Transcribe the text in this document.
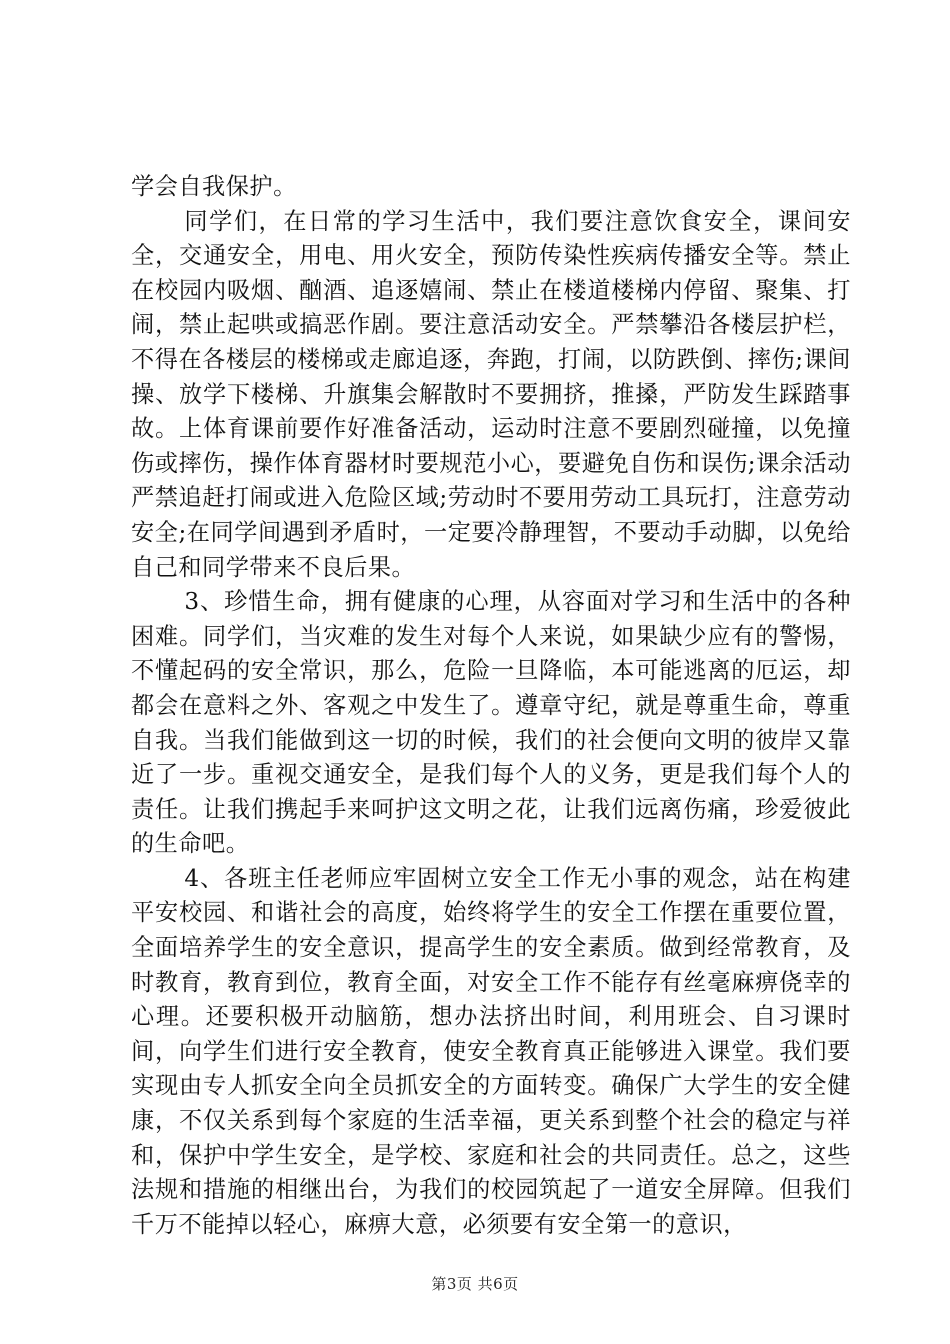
学会自我保护。

同学们，在日常的学习生活中，我们要注意饮食安全，课间安全，交通安全，用电、用火安全，预防传染性疾病传播安全等。禁止在校园内吸烟、酗酒、追逐嬉闹、禁止在楼道楼梯内停留、聚集、打闹，禁止起哄或搞恶作剧。要注意活动安全。严禁攀沿各楼层护栏，不得在各楼层的楼梯或走廊追逐，奔跑，打闹，以防跌倒、摔伤;课间操、放学下楼梯、升旗集会解散时不要拥挤，推搡，严防发生踩踏事故。上体育课前要作好准备活动，运动时注意不要剧烈碰撞，以免撞伤或摔伤，操作体育器材时要规范小心，要避免自伤和误伤;课余活动严禁追赶打闹或进入危险区域;劳动时不要用劳动工具玩打，注意劳动安全;在同学间遇到矛盾时，一定要冷静理智，不要动手动脚，以免给自己和同学带来不良后果。

3、珍惜生命，拥有健康的心理，从容面对学习和生活中的各种困难。同学们，当灾难的发生对每个人来说，如果缺少应有的警惕，不懂起码的安全常识，那么，危险一旦降临，本可能逃离的厄运，却都会在意料之外、客观之中发生了。遵章守纪，就是尊重生命，尊重自我。当我们能做到这一切的时候，我们的社会便向文明的彼岸又靠近了一步。重视交通安全，是我们每个人的义务，更是我们每个人的责任。让我们携起手来呵护这文明之花，让我们远离伤痛，珍爱彼此的生命吧。

4、各班主任老师应牢固树立安全工作无小事的观念，站在构建平安校园、和谐社会的高度，始终将学生的安全工作摆在重要位置，全面培养学生的安全意识，提高学生的安全素质。做到经常教育，及时教育，教育到位，教育全面，对安全工作不能存有丝毫麻痹侥幸的心理。还要积极开动脑筋，想办法挤出时间，利用班会、自习课时间，向学生们进行安全教育，使安全教育真正能够进入课堂。我们要实现由专人抓安全向全员抓安全的方面转变。确保广大学生的安全健康，不仅关系到每个家庭的生活幸福，更关系到整个社会的稳定与祥和，保护中学生安全，是学校、家庭和社会的共同责任。总之，这些法规和措施的相继出台，为我们的校园筑起了一道安全屏障。但我们千万不能掉以轻心，麻痹大意，必须要有安全第一的意识，

第3页 共6页
